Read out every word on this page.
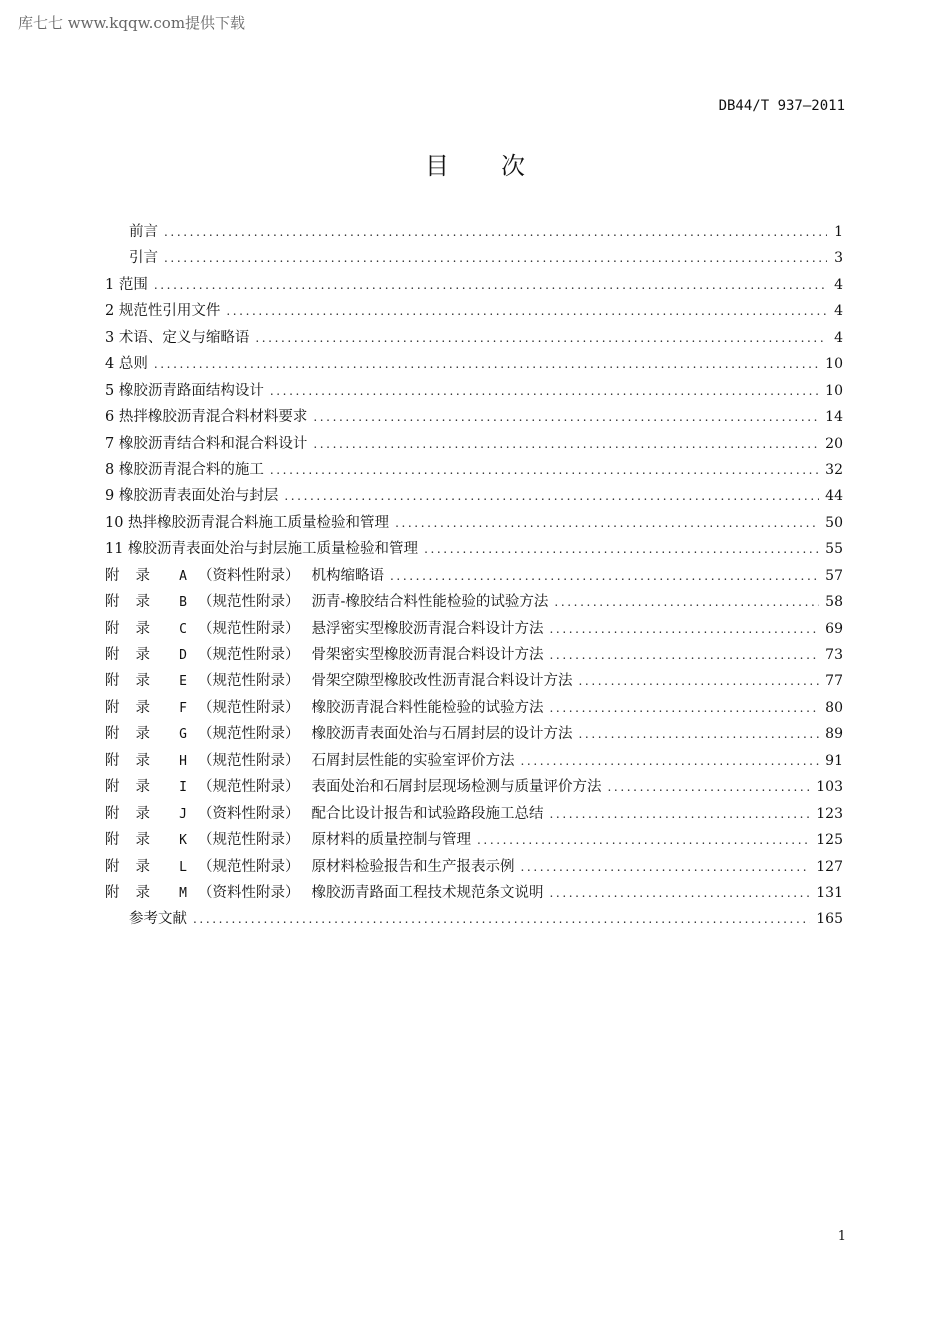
库七七 www.kqqw.com提供下载
DB44/T 937—2011
目次
前言 .....	1
引言 .....	3
1 范围 .....	4
2 规范性引用文件 .....	4
3 术语、定义与缩略语 .....	4
4 总则 .....	10
5 橡胶沥青路面结构设计 .....	10
6 热拌橡胶沥青混合料材料要求 .....	14
7 橡胶沥青结合料和混合料设计 .....	20
8 橡胶沥青混合料的施工 .....	32
9 橡胶沥青表面处治与封层 .....	44
10 热拌橡胶沥青混合料施工质量检验和管理 .....	50
11 橡胶沥青表面处治与封层施工质量检验和管理 .....	55
附录 A （资料性附录） 机构缩略语 .....	57
附录 B （规范性附录） 沥青-橡胶结合料性能检验的试验方法 .....	58
附录 C （规范性附录） 悬浮密实型橡胶沥青混合料设计方法 .....	69
附录 D （规范性附录） 骨架密实型橡胶沥青混合料设计方法 .....	73
附录 E （规范性附录） 骨架空隙型橡胶改性沥青混合料设计方法 .....	77
附录 F （规范性附录） 橡胶沥青混合料性能检验的试验方法 .....	80
附录 G （规范性附录） 橡胶沥青表面处治与石屑封层的设计方法 .....	89
附录 H （规范性附录） 石屑封层性能的实验室评价方法 .....	91
附录 I （规范性附录） 表面处治和石屑封层现场检测与质量评价方法 .....	103
附录 J （资料性附录） 配合比设计报告和试验路段施工总结 .....	123
附录 K （规范性附录） 原材料的质量控制与管理 .....	125
附录 L （规范性附录） 原材料检验报告和生产报表示例 .....	127
附录 M （资料性附录） 橡胶沥青路面工程技术规范条文说明 .....	131
参考文献 .....	165
1
